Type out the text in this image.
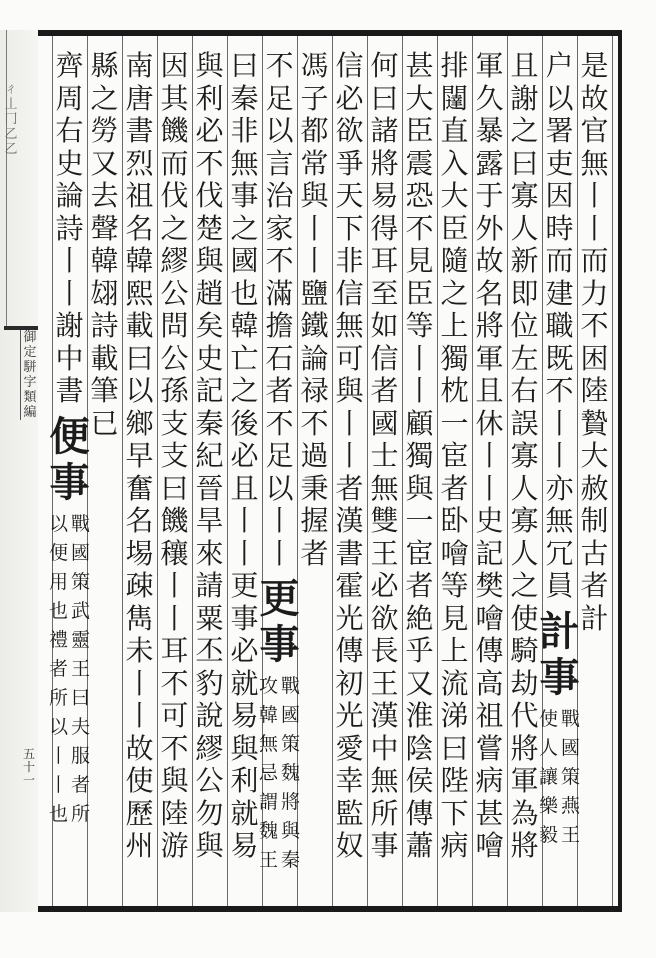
ㄔ
丄
冂
乙
乙
御定駢字類編
五十一
是故官無丨丨而力不困陸贄大赦制古者計
户以署吏因時而建職既不丨丨亦無冗員
計事
戰國策燕王
使人讓樂毅
且謝之曰寡人新即位左右誤寡人寡人之使騎劫代將軍為將
軍久暴露于外故名將軍且休丨丨史記樊噲傳高祖嘗病甚噲
排闥直入大臣隨之上獨枕一宦者卧噲等見上流涕曰陛下病
甚大臣震恐不見臣等丨丨顧獨與一宦者絶乎又淮陰侯傳蕭
何曰諸將易得耳至如信者國士無雙王必欲長王漢中無所事
信必欲爭天下非信無可與丨丨者漢書霍光傳初光愛幸監奴
馮子都常與丨丨鹽鐵論禄不過秉握者
不足以言治家不滿擔石者不足以丨丨
更事
戰國策魏將與秦
攻韓無忌謂魏王
曰秦非無事之國也韓亡之後必且丨丨更事必就易與利就易
與利必不伐楚與趙矣史記秦紀晉旱來請粟丕豹說繆公勿與
因其饑而伐之繆公問公孫支支曰饑穰丨丨耳不可不與陸游
南唐書烈祖名韓熙載曰以鄉早奮名埸疎雋未丨丨故使歷州
縣之勞又去聲韓翃詩載筆已
齊周右史論詩丨丨謝中書
便事
戰國策武靈王曰夫服者所
以便用也禮者所以丨丨也
